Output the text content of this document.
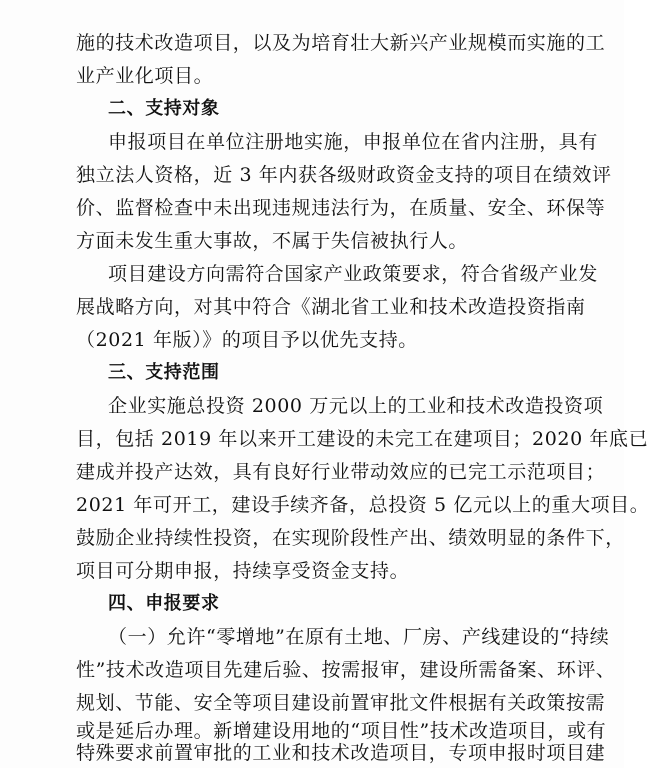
施的技术改造项目，以及为培育壮大新兴产业规模而实施的工
业产业化项目。
二、支持对象
申报项目在单位注册地实施，申报单位在省内注册，具有
独立法人资格，近 3 年内获各级财政资金支持的项目在绩效评
价、监督检查中未出现违规违法行为，在质量、安全、环保等
方面未发生重大事故，不属于失信被执行人。
项目建设方向需符合国家产业政策要求，符合省级产业发
展战略方向，对其中符合《湖北省工业和技术改造投资指南
（2021 年版）》的项目予以优先支持。
三、支持范围
企业实施总投资 2000 万元以上的工业和技术改造投资项
目，包括 2019 年以来开工建设的未完工在建项目；2020 年底已
建成并投产达效，具有良好行业带动效应的已完工示范项目；
2021 年可开工，建设手续齐备，总投资 5 亿元以上的重大项目。
鼓励企业持续性投资，在实现阶段性产出、绩效明显的条件下，
项目可分期申报，持续享受资金支持。
四、申报要求
（一）允许“零增地”在原有土地、厂房、产线建设的“持续
性”技术改造项目先建后验、按需报审，建设所需备案、环评、
规划、节能、安全等项目建设前置审批文件根据有关政策按需
或是延后办理。新增建设用地的“项目性”技术改造项目，或有
特殊要求前置审批的工业和技术改造项目，专项申报时项目建
